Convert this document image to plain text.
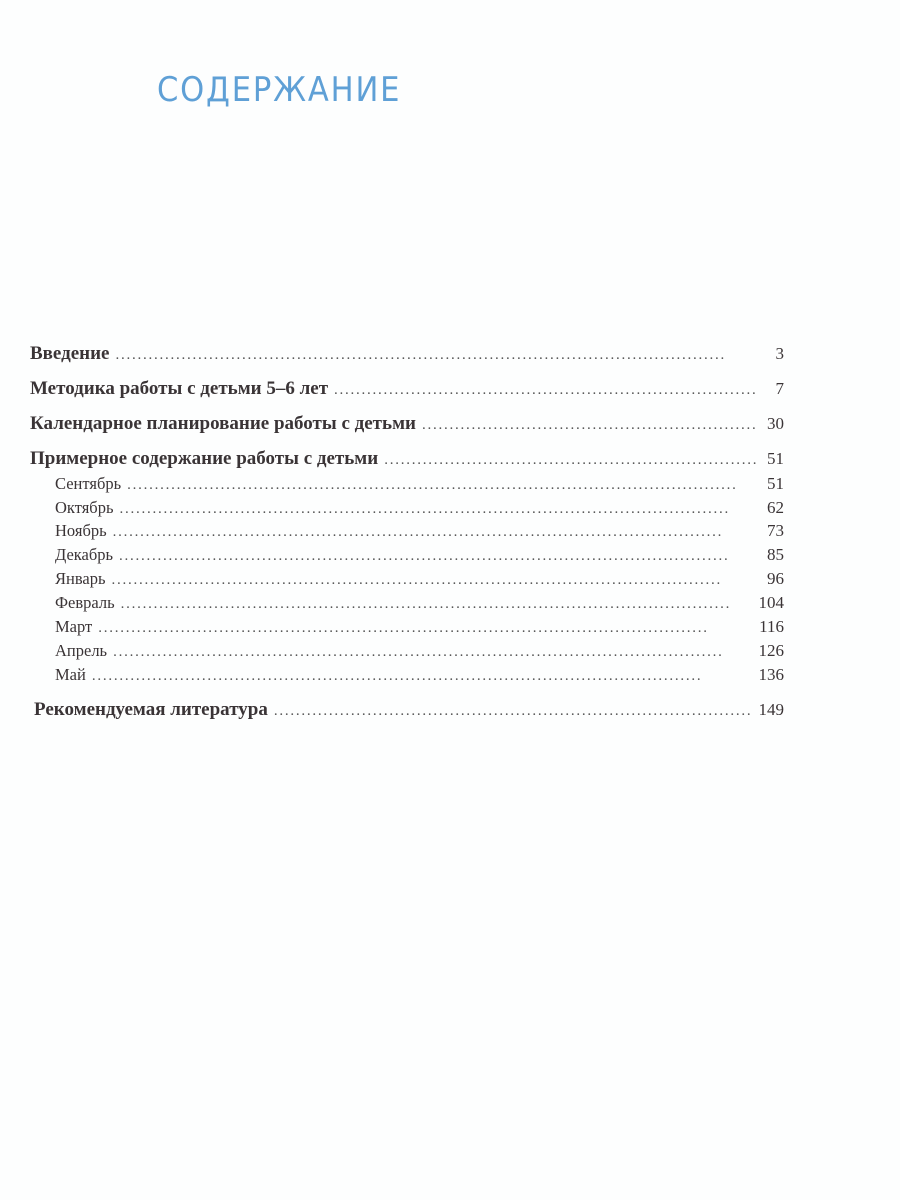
СОДЕРЖАНИЕ
Введение . . .	3
Методика работы с детьми 5–6 лет . . .	7
Календарное планирование работы с детьми . . .	30
Примерное содержание работы с детьми . . .	51
Сентябрь . . .	51
Октябрь . . .	62
Ноябрь . . .	73
Декабрь . . .	85
Январь . . .	96
Февраль . . .	104
Март . . .	116
Апрель . . .	126
Май . . .	136
Рекомендуемая литература . . .	149
